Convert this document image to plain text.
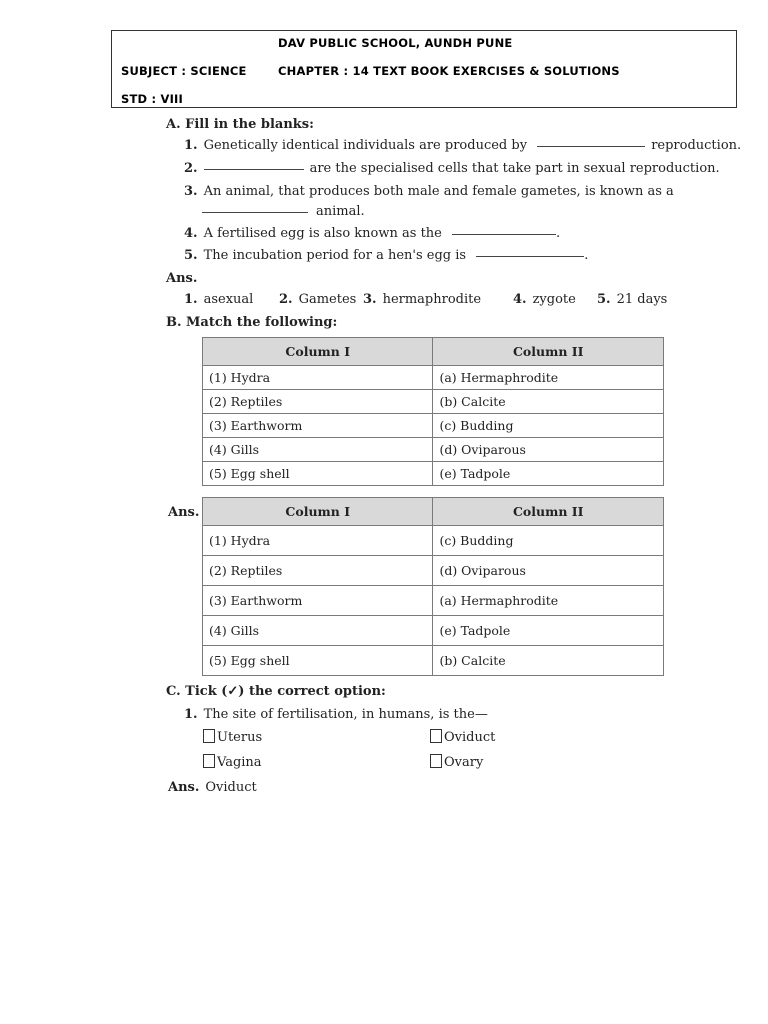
DAV PUBLIC SCHOOL, AUNDH PUNE
SUBJECT : SCIENCE	CHAPTER : 14 TEXT BOOK EXERCISES & SOLUTIONS
STD : VIII
A. Fill in the blanks:
1. Genetically identical individuals are produced by	reproduction.
2.	are the specialised cells that take part in sexual reproduction.
3. An animal, that produces both male and female gametes, is known as a
animal.
4. A fertilised egg is also known as the	.
5. The incubation period for a hen's egg is	.
Ans.
1. asexual 2. Gametes 3. hermaphrodite 4. zygote 5. 21 days
B. Match the following:
Column I	Column II
(1) Hydra	(a) Hermaphrodite
(2) Reptiles	(b) Calcite
(3) Earthworm	(c) Budding
(4) Gills	(d) Oviparous
(5) Egg shell	(e) Tadpole
Ans.	Column I	Column II
(1) Hydra	(c) Budding
(2) Reptiles	(d) Oviparous
(3) Earthworm	(a) Hermaphrodite
(4) Gills	(e) Tadpole
(5) Egg shell	(b) Calcite
C. Tick (✓) the correct option:
1. The site of fertilisation, in humans, is the—
Uterus	Oviduct
Vagina	Ovary
Ans. Oviduct
